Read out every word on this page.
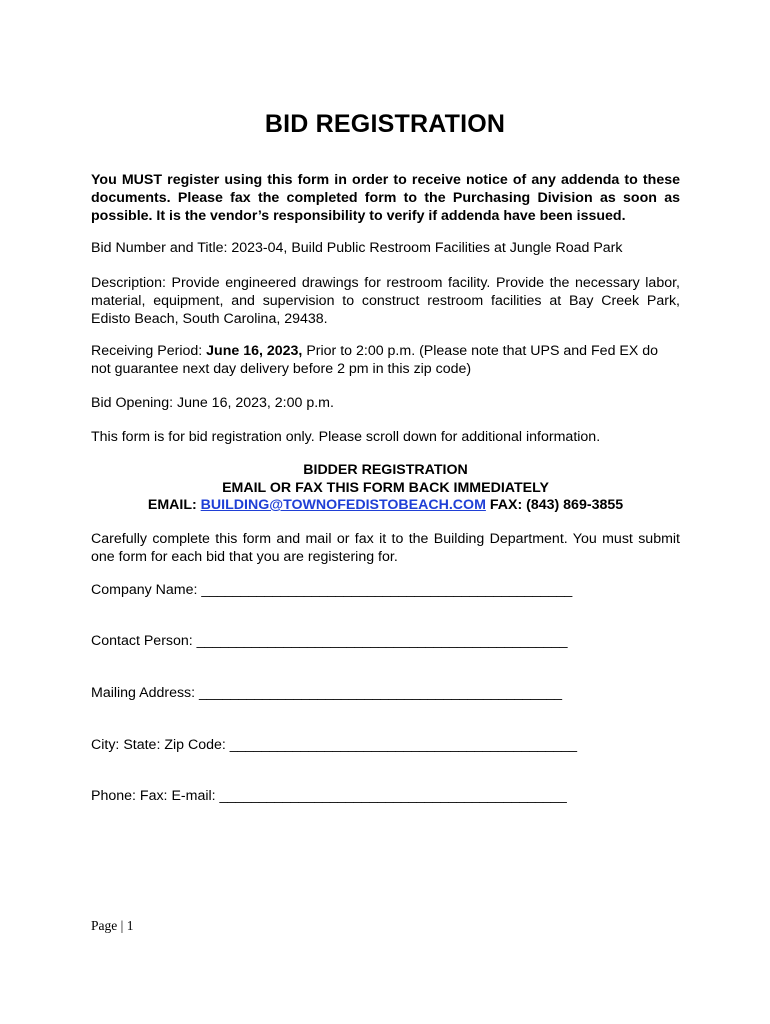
BID REGISTRATION
You MUST register using this form in order to receive notice of any addenda to these documents. Please fax the completed form to the Purchasing Division as soon as possible. It is the vendor’s responsibility to verify if addenda have been issued.
Bid Number and Title: 2023-04, Build Public Restroom Facilities at Jungle Road Park
Description: Provide engineered drawings for restroom facility. Provide the necessary labor, material, equipment, and supervision to construct restroom facilities at Bay Creek Park, Edisto Beach, South Carolina, 29438.
Receiving Period: June 16, 2023, Prior to 2:00 p.m. (Please note that UPS and Fed EX do not guarantee next day delivery before 2 pm in this zip code)
Bid Opening: June 16, 2023, 2:00 p.m.
This form is for bid registration only. Please scroll down for additional information.
BIDDER REGISTRATION
EMAIL OR FAX THIS FORM BACK IMMEDIATELY
EMAIL: BUILDING@TOWNOFEDISTOBEACH.COM FAX: (843) 869-3855
Carefully complete this form and mail or fax it to the Building Department. You must submit one form for each bid that you are registering for.
Company Name: _______________________________________________
Contact Person: _______________________________________________
Mailing Address: ______________________________________________
City: State: Zip Code: ____________________________________________
Phone: Fax: E-mail: ____________________________________________
Page | 1
